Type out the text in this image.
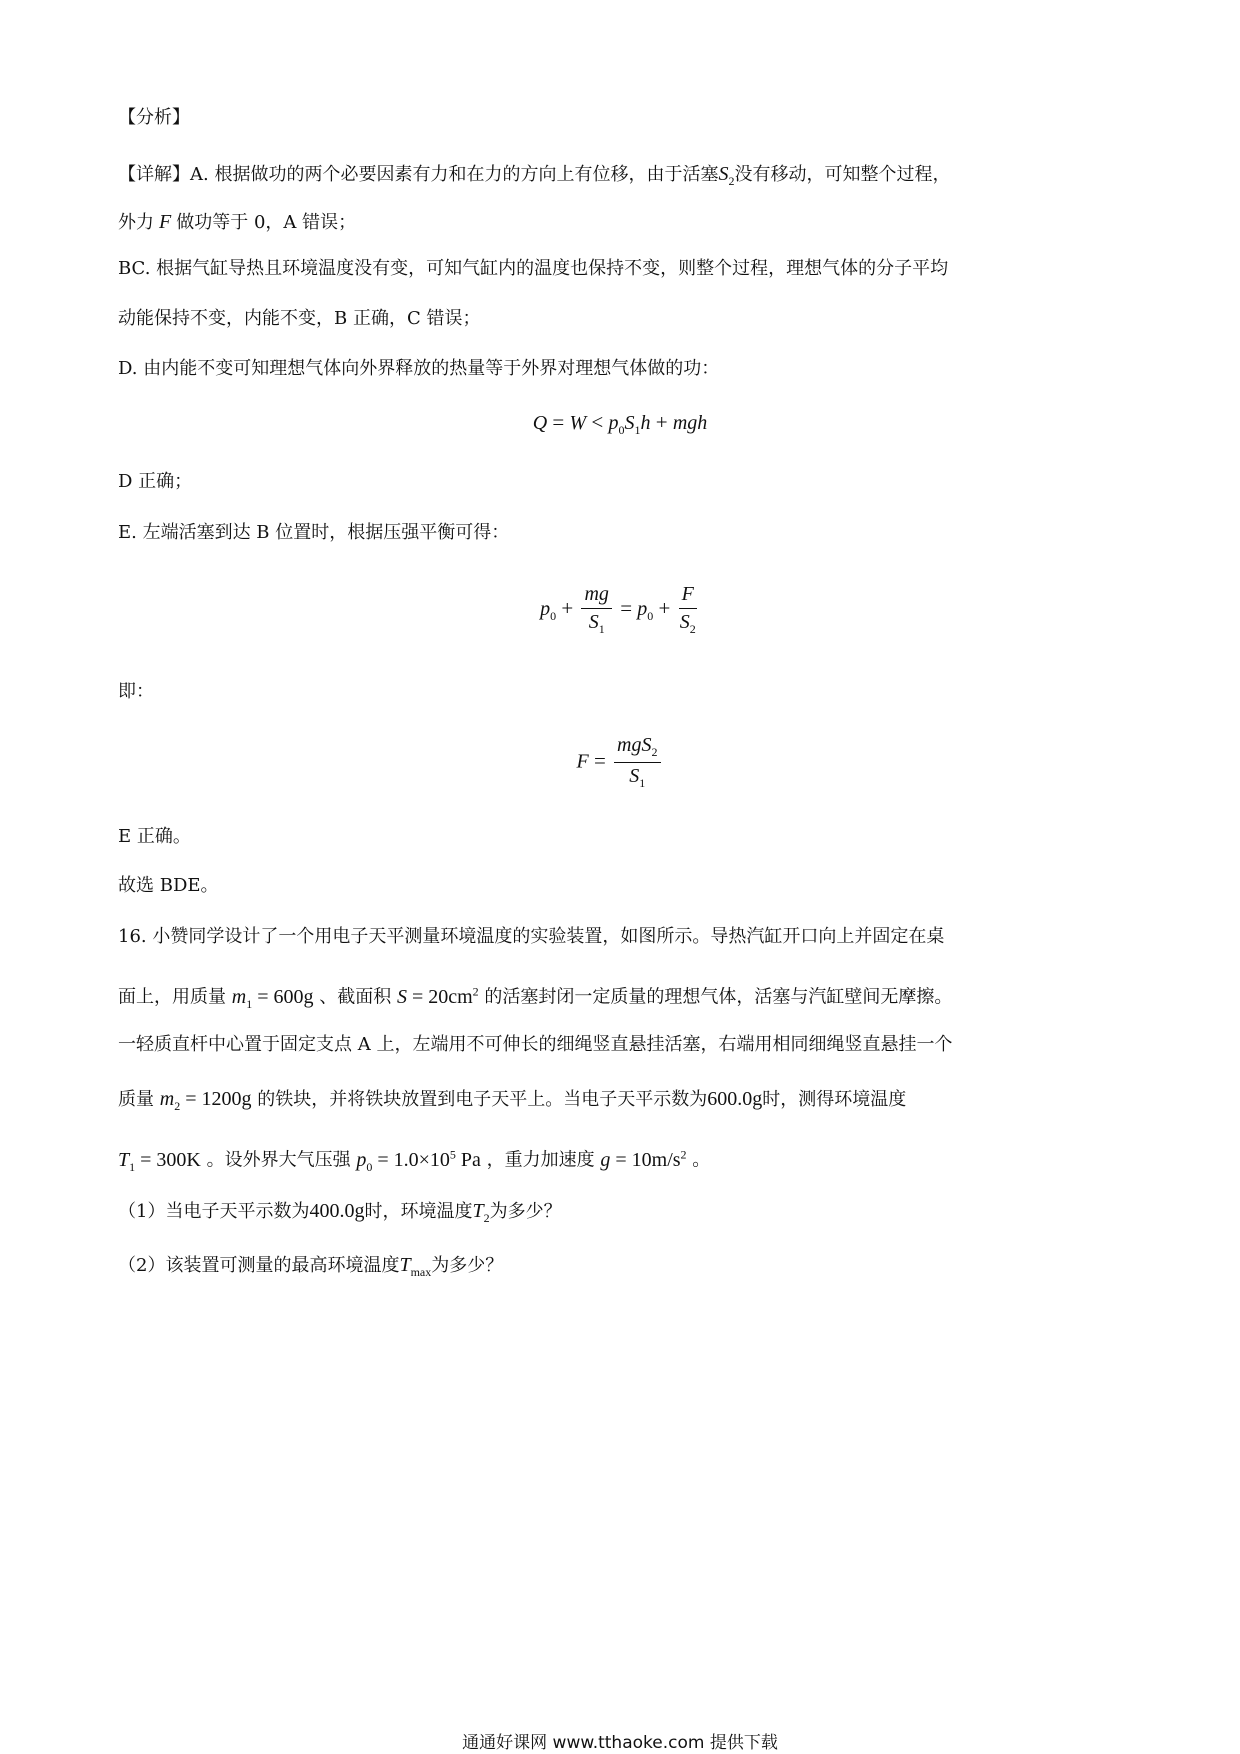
【分析】
【详解】A. 根据做功的两个必要因素有力和在力的方向上有位移，由于活塞$S_2$没有移动，可知整个过程，
外力 F 做功等于 0，A 错误；
BC. 根据气缸导热且环境温度没有变，可知气缸内的温度也保持不变，则整个过程，理想气体的分子平均
动能保持不变，内能不变，B 正确，C 错误；
D. 由内能不变可知理想气体向外界释放的热量等于外界对理想气体做的功：
$Q = W < p_0S_1h$ + mgh
D 正确；
E. 左端活塞到达 B 位置时，根据压强平衡可得：
$p_0 + \frac{mg}{S_1} = p_0 + \frac{F}{S_2}$
即：
$F = \frac{mgS_2}{S_1}$
E 正确。
故选 BDE。
16. 小赞同学设计了一个用电子天平测量环境温度的实验装置，如图所示。导热汽缸开口向上并固定在桌
面上，用质量 $m_1 = 600g$ 、截面积 $S = 20cm^2$ 的活塞封闭一定质量的理想气体，活塞与汽缸壁间无摩擦。
一轻质直杆中心置于固定支点 A 上，左端用不可伸长的细绳竖直悬挂活塞，右端用相同细绳竖直悬挂一个
质量 $m_2 = 1200g$ 的铁块，并将铁块放置到电子天平上。当电子天平示数为600.0g时，测得环境温度
$T_1 = 300K$ 。设外界大气压强 $p_0 = 1.0\times 10^5$ Pa ，重力加速度 $g = 10m/s^2$ 。
（1）当电子天平示数为400.0g时，环境温度$T_2$为多少？
（2）该装置可测量的最高环境温度$T_{max}$为多少？
通通好课网 www.tthaoke.com 提供下载
